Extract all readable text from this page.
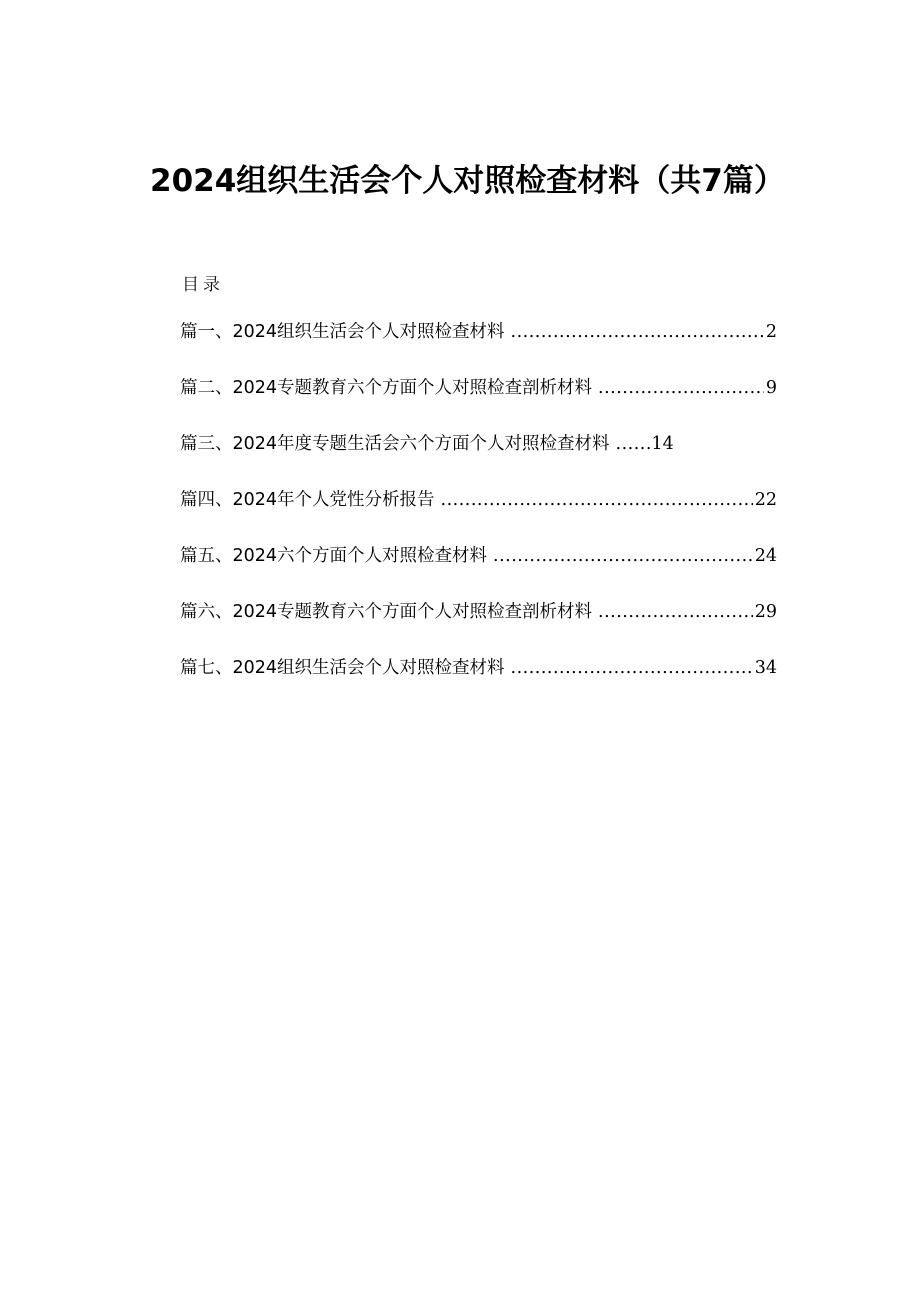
2024组织生活会个人对照检查材料（共7篇）
目录
篇一、2024组织生活会个人对照检查材料 .....	2
篇二、2024专题教育六个方面个人对照检查剖析材料 .....	9
篇三、2024年度专题生活会六个方面个人对照检查材料 ..... 14
篇四、2024年个人党性分析报告 .....	22
篇五、2024六个方面个人对照检查材料 .....	24
篇六、2024专题教育六个方面个人对照检查剖析材料 .....	29
篇七、2024组织生活会个人对照检查材料 .....	34
